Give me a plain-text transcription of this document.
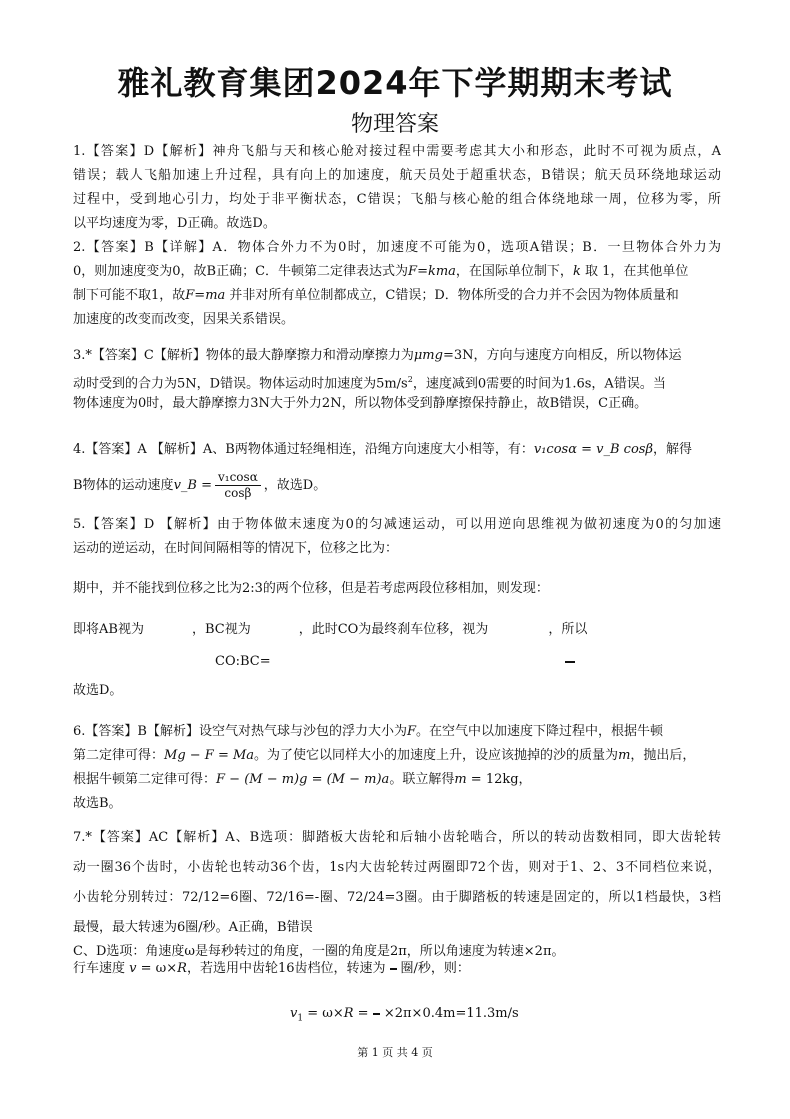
雅礼教育集团2024年下学期期末考试
物理答案
1.【答案】D【解析】神舟飞船与天和核心舱对接过程中需要考虑其大小和形态，此时不可视为质点，A
错误；载人飞船加速上升过程，具有向上的加速度，航天员处于超重状态，B错误；航天员环绕地球运动
过程中，受到地心引力，均处于非平衡状态，C错误；飞船与核心舱的组合体绕地球一周，位移为零，所
以平均速度为零，D正确。故选D。
2.【答案】B【详解】A．物体合外力不为0时，加速度不可能为0，选项A错误；B．一旦物体合外力为
0，则加速度变为0，故B正确；C．牛顿第二定律表达式为F=kma，在国际单位制下，k 取 1，在其他单位
制下可能不取1，故F=ma 并非对所有单位制都成立，C错误；D．物体所受的合力并不会因为物体质量和
加速度的改变而改变，因果关系错误。
3.*【答案】C【解析】物体的最大静摩擦力和滑动摩擦力为μmg=3N，方向与速度方向相反，所以物体运
动时受到的合力为5N，D错误。物体运动时加速度为$5m/s^2$，速度减到0需要的时间为1.6s，A错误。当
物体速度为0时，最大静摩擦力3N大于外力2N，所以物体受到静摩擦保持静止，故B错误，C正确。
4.【答案】A 【解析】A、B两物体通过轻绳相连，沿绳方向速度大小相等，有：v₁cosα = v_B cosβ，解得
B物体的运动速度v_B = $\frac{\text{v₁cosα}}{\cos\beta}$ ，故选D。
5.【答案】D 【解析】由于物体做末速度为0的匀减速运动，可以用逆向思维视为做初速度为0的匀加速
运动的逆运动，在时间间隔相等的情况下，位移之比为：
期中，并不能找到位移之比为2:3的两个位移，但是若考虑两段位移相加，则发现：
即将AB视为	，BC视为	，此时CO为最终刹车位移，视为	，所以
CO:BC=
故选D。
6.【答案】B【解析】设空气对热气球与沙包的浮力大小为F。在空气中以加速度下降过程中，根据牛顿
第二定律可得：Mg − F = Ma。为了使它以同样大小的加速度上升，设应该抛掉的沙的质量为m，抛出后，
根据牛顿第二定律可得：F − (M − m)g = (M − m)a。联立解得m = 12kg，
故选B。
7.*【答案】AC【解析】A、B选项：脚踏板大齿轮和后轴小齿轮啮合，所以的转动齿数相同，即大齿轮转
动一圈36个齿时，小齿轮也转动36个齿，1s内大齿轮转过两圈即72个齿，则对于1、2、3不同档位来说，
小齿轮分别转过：72/12=6圈、72/16=-圈、72/24=3圈。由于脚踏板的转速是固定的，所以1档最快，3档
最慢，最大转速为6圈/秒。A正确，B错误
C、D选项：角速度ω是每秒转过的角度，一圈的角度是2π，所以角速度为转速×2π。
行车速度 v = ω×R，若选用中齿轮16齿档位，转速为 圈/秒，则：
$v_1 = \omega\times R = \times 2\pi\times 0.4m=11.3m/s$
第 1 页 共 4 页
